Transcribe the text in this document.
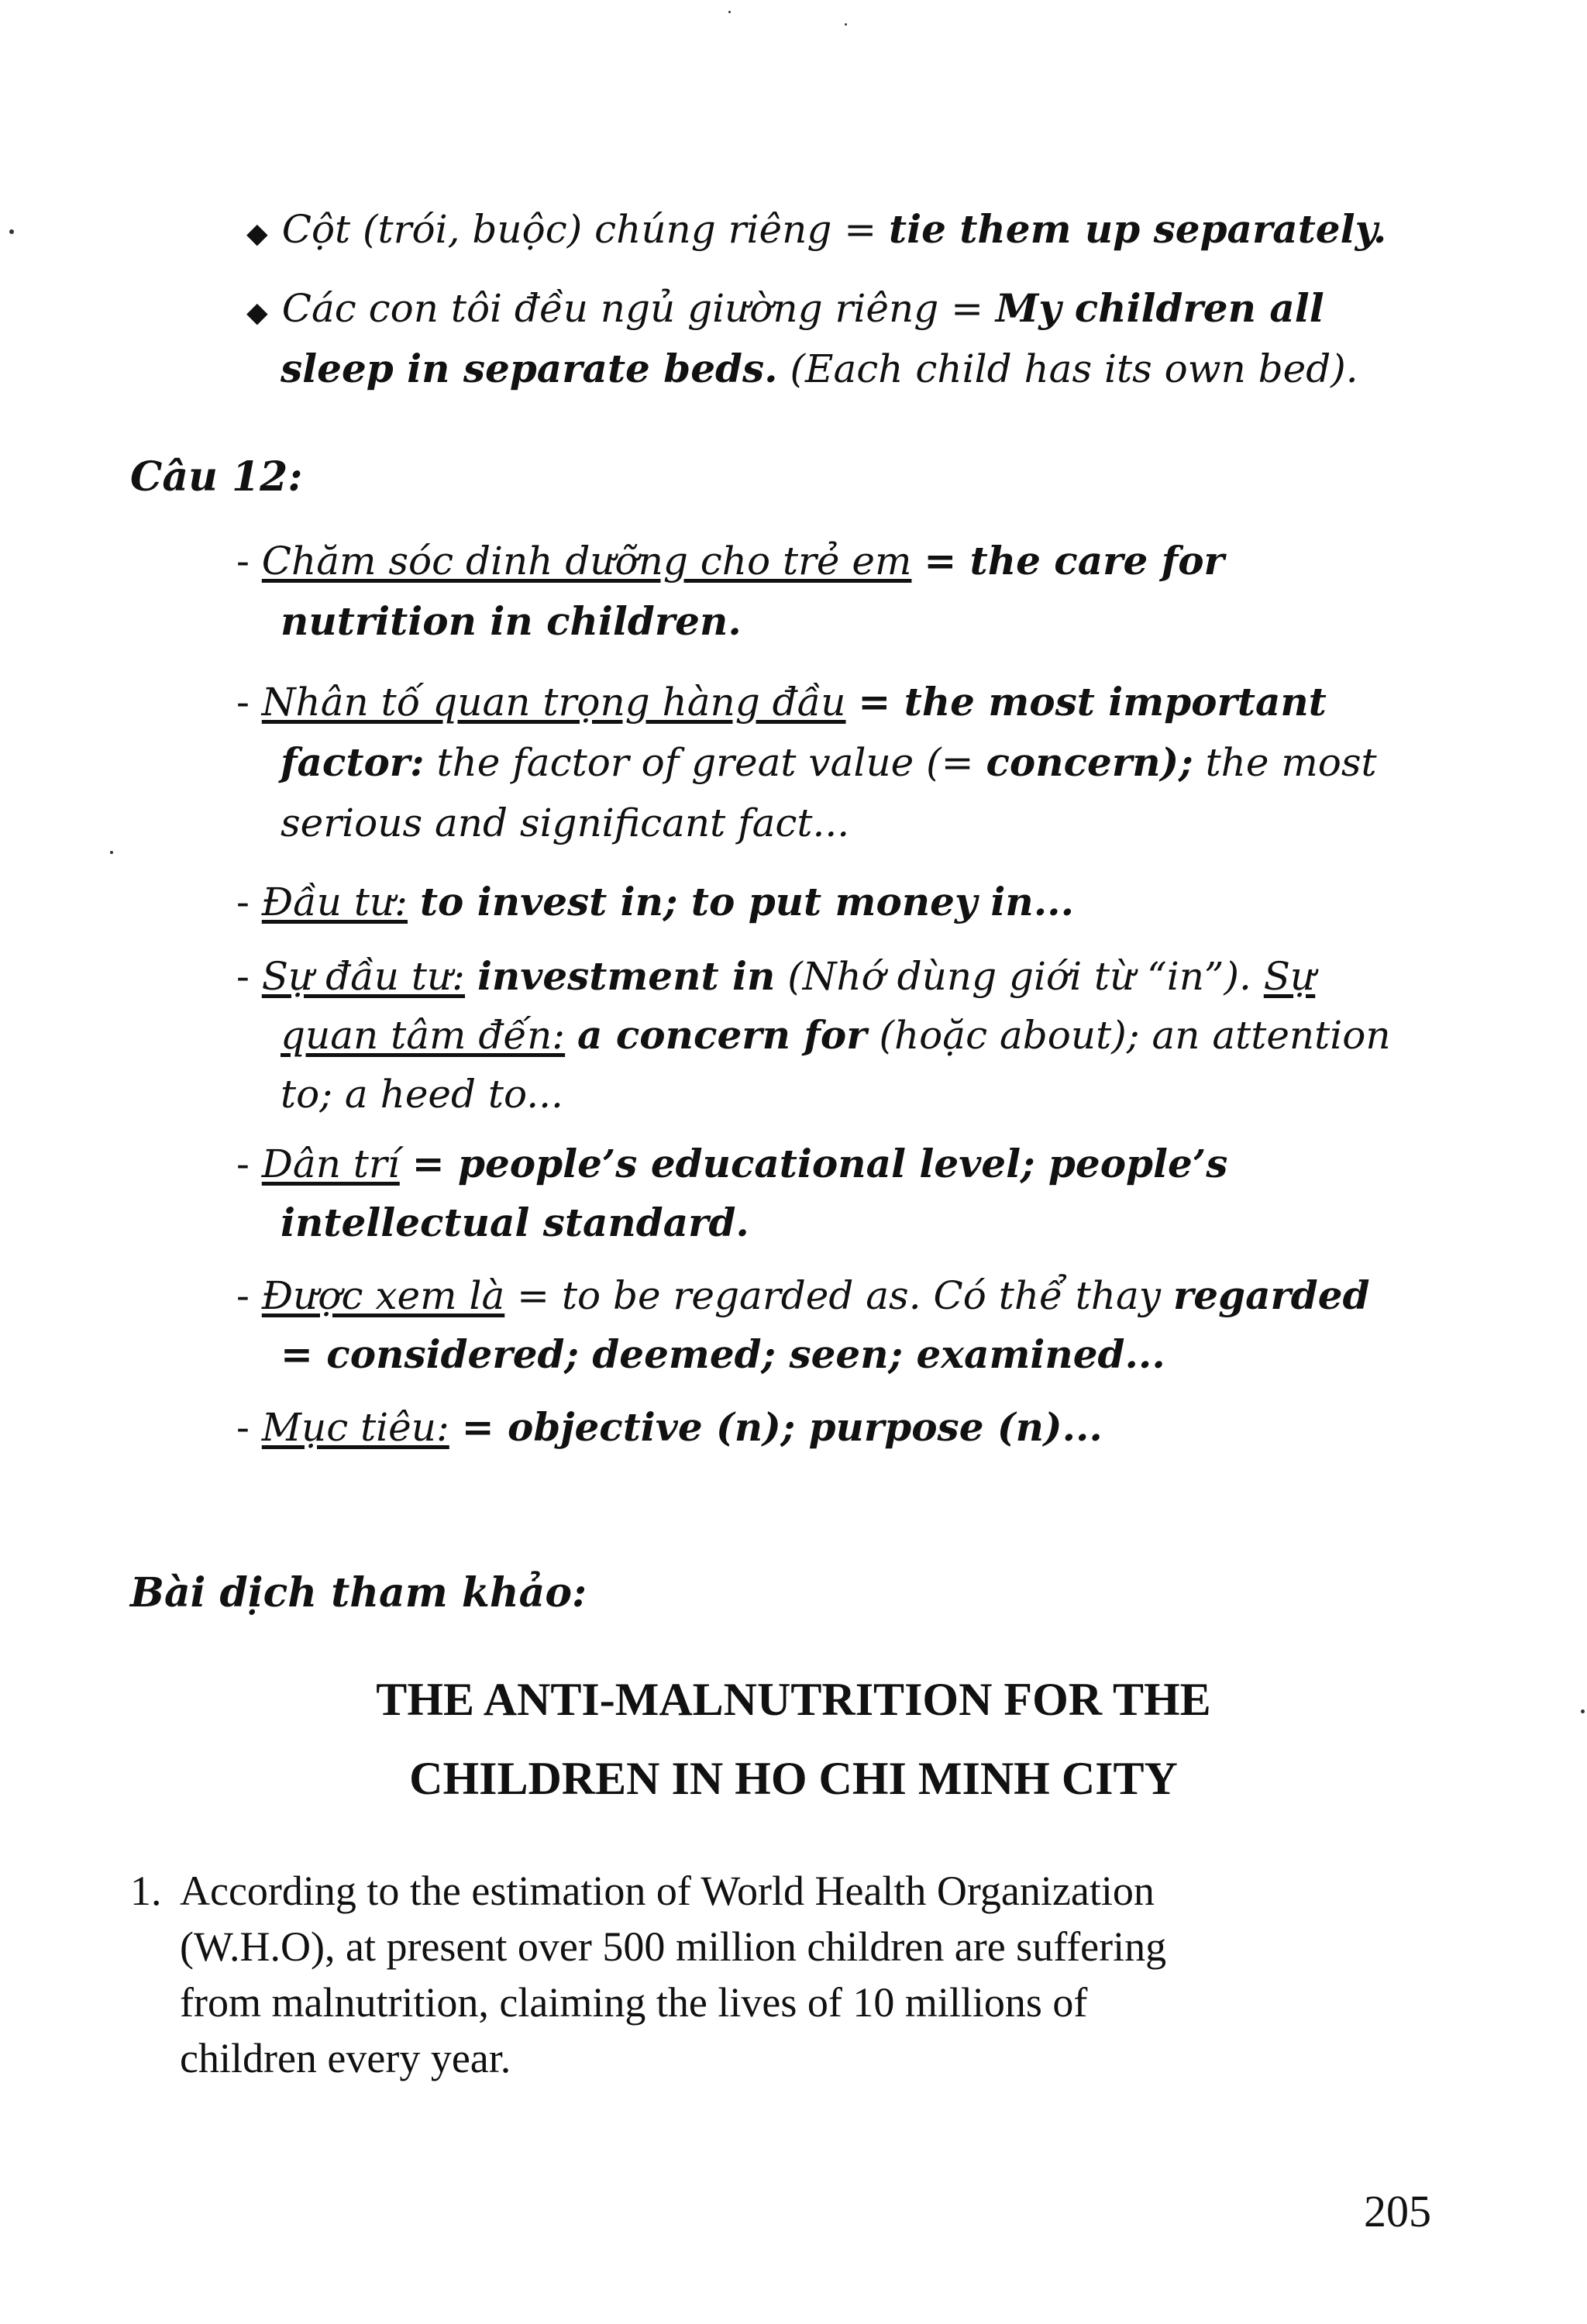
◆ Cột (trói, buộc) chúng riêng = tie them up separately.
◆ Các con tôi đều ngủ giường riêng = My children all
sleep in separate beds. (Each child has its own bed).
Câu 12:
- Chăm sóc dinh dưỡng cho trẻ em = the care for
nutrition in children.
- Nhân tố quan trọng hàng đầu = the most important
factor: the factor of great value (= concern); the most
serious and significant fact...
- Đầu tư: to invest in; to put money in...
- Sự đầu tư: investment in (Nhớ dùng giới từ “in”). Sự
quan tâm đến: a concern for (hoặc about); an attention
to; a heed to...
- Dân trí = people’s educational level; people’s
intellectual standard.
- Được xem là = to be regarded as. Có thể thay regarded
= considered; deemed; seen; examined...
- Mục tiêu: = objective (n); purpose (n)...
Bài dịch tham khảo:
THE ANTI-MALNUTRITION FOR THE
CHILDREN IN HO CHI MINH CITY
1. According to the estimation of World Health Organization
(W.H.O), at present over 500 million children are suffering
from malnutrition, claiming the lives of 10 millions of
children every year.
205
